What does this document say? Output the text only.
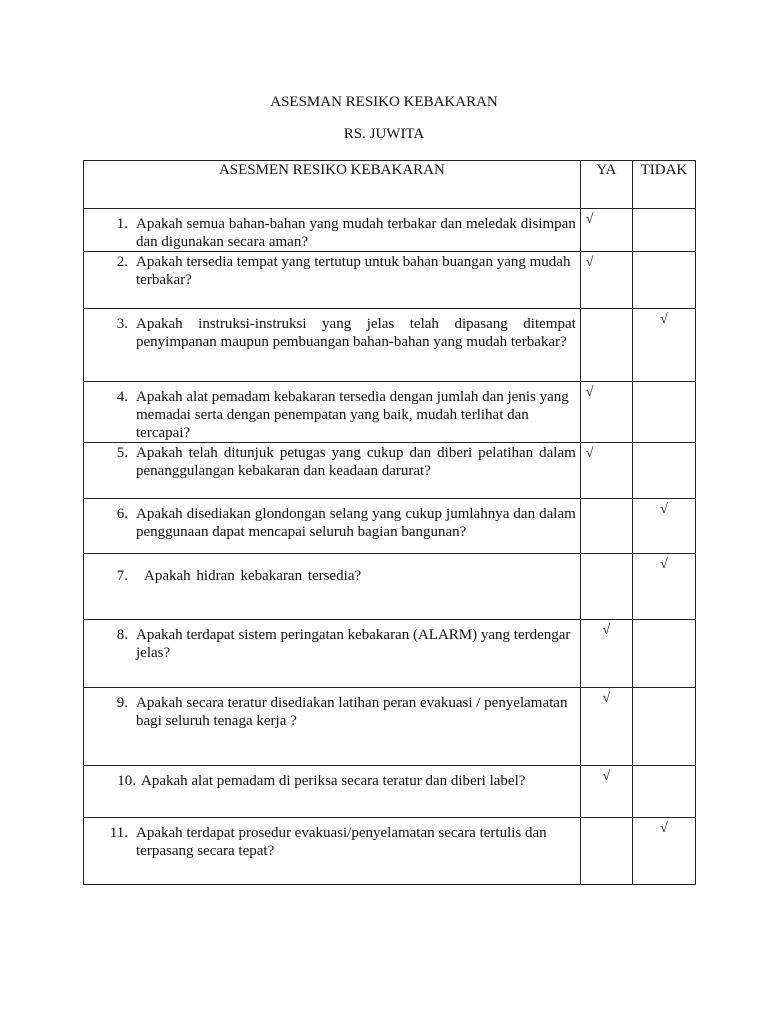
ASESMAN RESIKO KEBAKARAN
RS. JUWITA
ASESMEN RESIKO KEBAKARAN	YA	TIDAK

1. Apakah semua bahan-bahan yang mudah terbakar dan meledak disimpan dan digunakan secara aman?	√	

2. Apakah tersedia tempat yang tertutup untuk bahan buangan yang mudah terbakar?	√	

3. Apakah instruksi-instruksi yang jelas telah dipasang ditempat penyimpanan maupun pembuangan bahan-bahan yang mudah terbakar?		√

4. Apakah alat pemadam kebakaran tersedia dengan jumlah dan jenis yang memadai serta dengan penempatan yang baik, mudah terlihat dan tercapai?	√	

5. Apakah telah ditunjuk petugas yang cukup dan diberi pelatihan dalam penanggulangan kebakaran dan keadaan darurat?	√	

6. Apakah disediakan glondongan selang yang cukup jumlahnya dan dalam penggunaan dapat mencapai seluruh bagian bangunan?		√

7. Apakah hidran kebakaran tersedia?		√

8. Apakah terdapat sistem peringatan kebakaran (ALARM) yang terdengar jelas?	√	

9. Apakah secara teratur disediakan latihan peran evakuasi / penyelamatan bagi seluruh tenaga kerja ?	√	

10. Apakah alat pemadam di periksa secara teratur dan diberi label?	√	

11. Apakah terdapat prosedur evakuasi/penyelamatan secara tertulis dan terpasang secara tepat?		√
